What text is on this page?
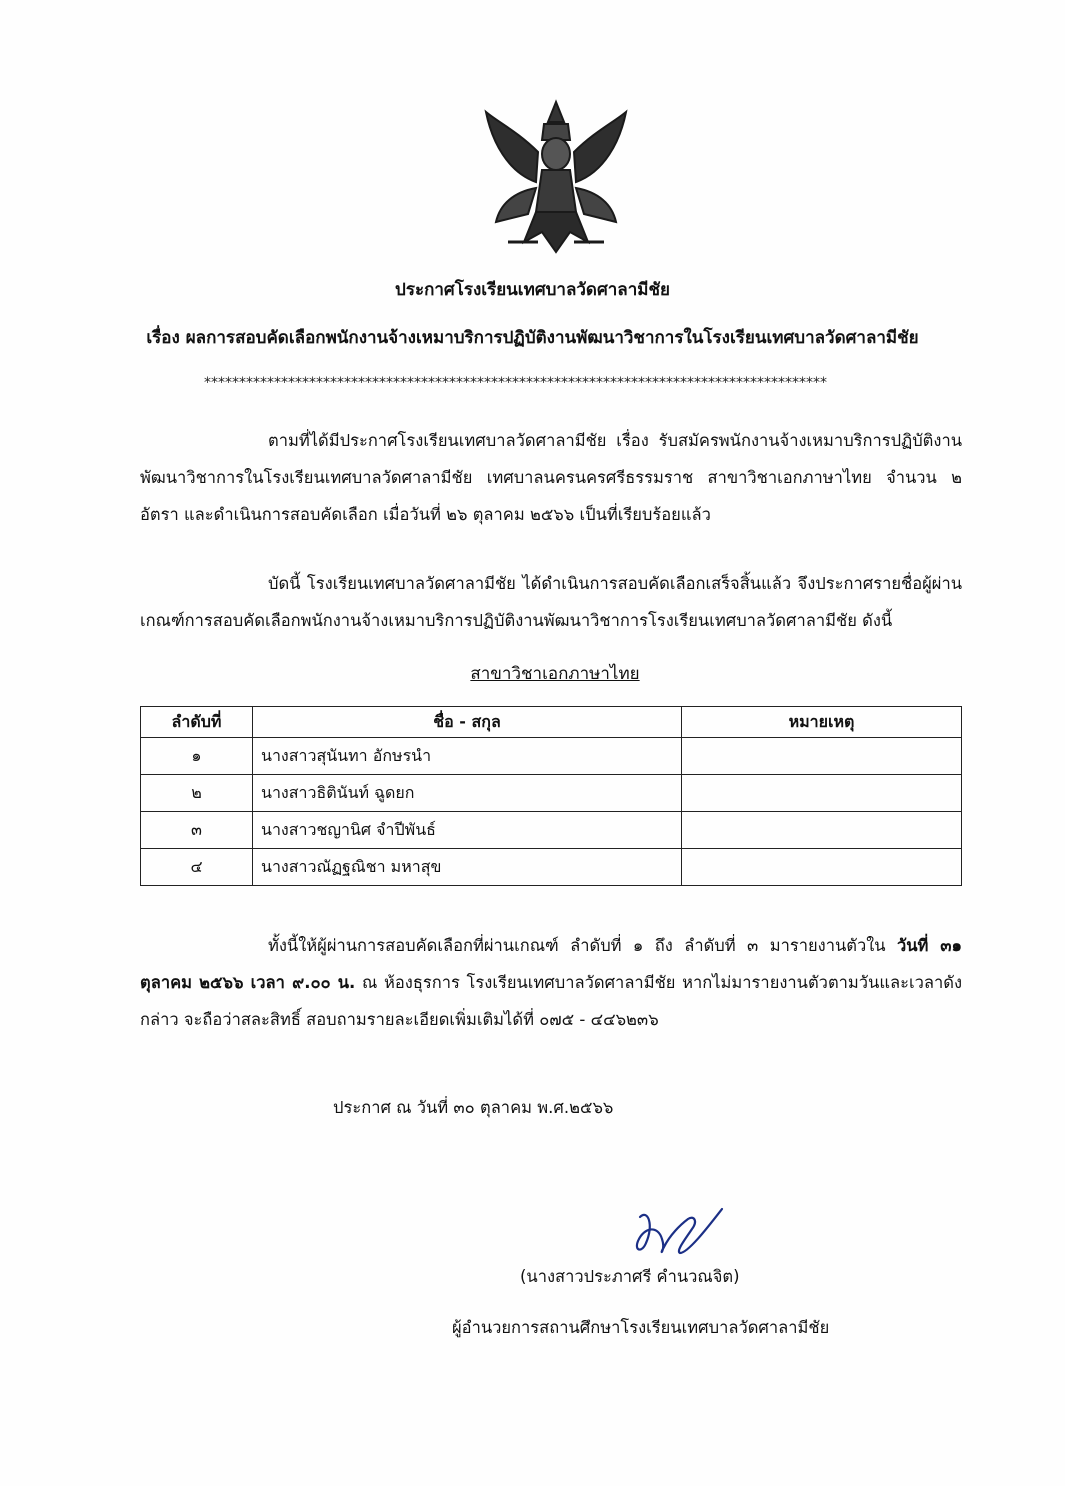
ประกาศโรงเรียนเทศบาลวัดศาลามีชัย
เรื่อง ผลการสอบคัดเลือกพนักงานจ้างเหมาบริการปฏิบัติงานพัฒนาวิชาการในโรงเรียนเทศบาลวัดศาลามีชัย
*****************************************************************************************

ตามที่ได้มีประกาศโรงเรียนเทศบาลวัดศาลามีชัย เรื่อง รับสมัครพนักงานจ้างเหมาบริการปฏิบัติงานพัฒนาวิชาการในโรงเรียนเทศบาลวัดศาลามีชัย เทศบาลนครนครศรีธรรมราช สาขาวิชาเอกภาษาไทย จำนวน ๒ อัตรา และดำเนินการสอบคัดเลือก เมื่อวันที่ ๒๖ ตุลาคม ๒๕๖๖ เป็นที่เรียบร้อยแล้ว

บัดนี้ โรงเรียนเทศบาลวัดศาลามีชัย ได้ดำเนินการสอบคัดเลือกเสร็จสิ้นแล้ว จึงประกาศรายชื่อผู้ผ่านเกณฑ์การสอบคัดเลือกพนักงานจ้างเหมาบริการปฏิบัติงานพัฒนาวิชาการโรงเรียนเทศบาลวัดศาลามีชัย ดังนี้

สาขาวิชาเอกภาษาไทย
ลำดับที่	ชื่อ - สกุล	หมายเหตุ
๑	นางสาวสุนันทา อักษรนำ	
๒	นางสาวธิตินันท์ ฉูดยก	
๓	นางสาวชญานิศ จำปีพันธ์	
๔	นางสาวณัฏฐณิชา มหาสุข	

ทั้งนี้ให้ผู้ผ่านการสอบคัดเลือกที่ผ่านเกณฑ์ ลำดับที่ ๑ ถึง ลำดับที่ ๓ มารายงานตัวใน วันที่ ๓๑ ตุลาคม ๒๕๖๖ เวลา ๙.๐๐ น. ณ ห้องธุรการ โรงเรียนเทศบาลวัดศาลามีชัย หากไม่มารายงานตัวตามวันและเวลาดังกล่าว จะถือว่าสละสิทธิ์ สอบถามรายละเอียดเพิ่มเติมได้ที่ ๐๗๕ - ๔๔๖๒๓๖

ประกาศ ณ วันที่ ๓๐ ตุลาคม พ.ศ.๒๕๖๖
(นางสาวประภาศรี คำนวณจิต)
ผู้อำนวยการสถานศึกษาโรงเรียนเทศบาลวัดศาลามีชัย
